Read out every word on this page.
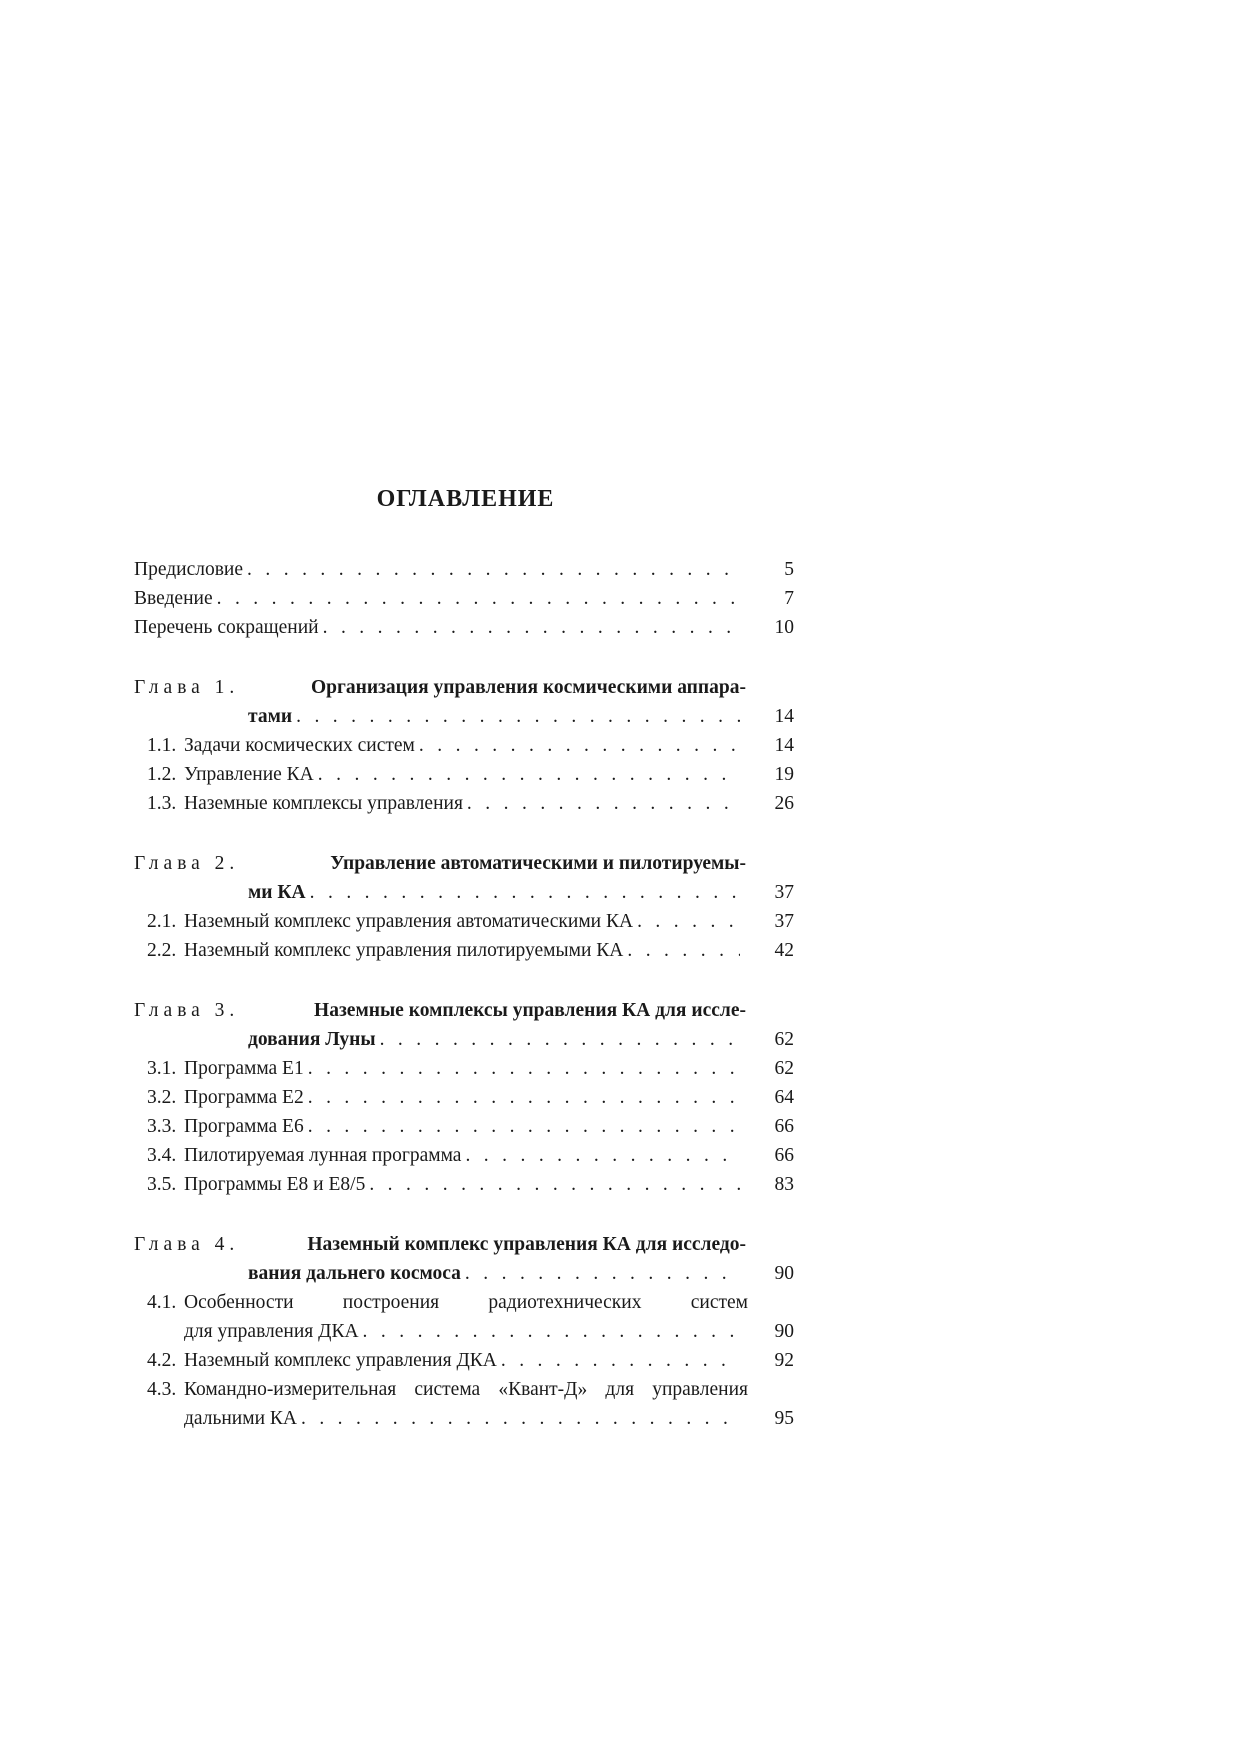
ОГЛАВЛЕНИЕ
Предисловие . . .	5
Введение . . .	7
Перечень сокращений . . .	10
Глава 1.	Организация управления космическими аппара-
тами . . .	14
1.1. Задачи космических систем . . .	14
1.2. Управление КА . . .	19
1.3. Наземные комплексы управления . . .	26
Глава 2.	Управление автоматическими и пилотируемы-
ми КА . . .	37
2.1. Наземный комплекс управления автоматическими КА . . .	37
2.2. Наземный комплекс управления пилотируемыми КА . . .	42
Глава 3.	Наземные комплексы управления КА для иссле-
дования Луны . . .	62
3.1. Программа Е1 . . .	62
3.2. Программа Е2 . . .	64
3.3. Программа Е6 . . .	66
3.4. Пилотируемая лунная программа . . .	66
3.5. Программы Е8 и Е8/5 . . .	83
Глава 4.	Наземный комплекс управления КА для исследо-
вания дальнего космоса . . .	90
4.1. Особенности построения радиотехнических систем
для управления ДКА . . .	90
4.2. Наземный комплекс управления ДКА . . .	92
4.3. Командно-измерительная система «Квант-Д» для управления
дальними КА . . .	95
